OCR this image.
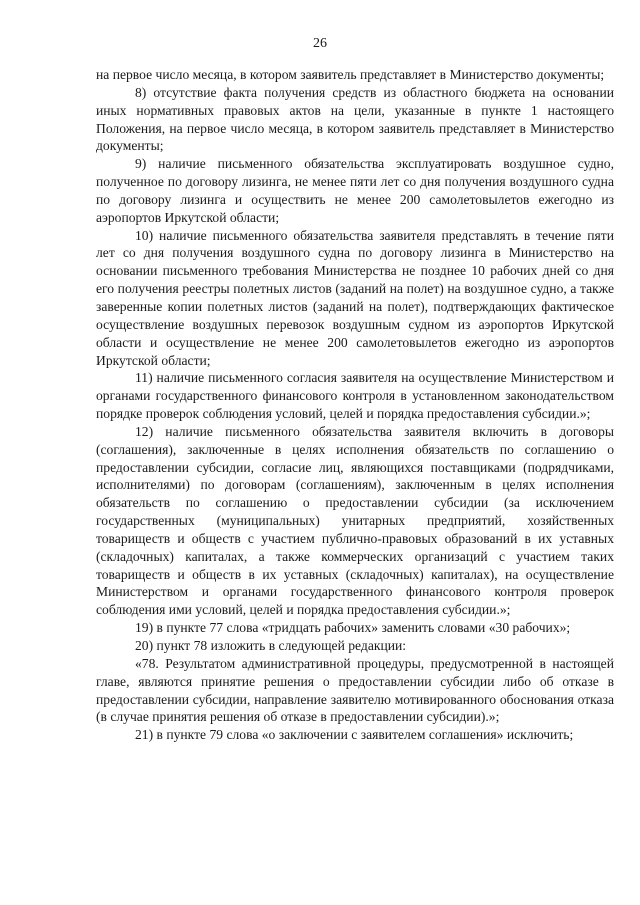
26

на первое число месяца, в котором заявитель представляет в Министерство документы;

8) отсутствие факта получения средств из областного бюджета на основании иных нормативных правовых актов на цели, указанные в пункте 1 настоящего Положения, на первое число месяца, в котором заявитель представляет в Министерство документы;

9) наличие письменного обязательства эксплуатировать воздушное судно, полученное по договору лизинга, не менее пяти лет со дня получения воздушного судна по договору лизинга и осуществить не менее 200 самолетовылетов ежегодно из аэропортов Иркутской области;

10) наличие письменного обязательства заявителя представлять в течение пяти лет со дня получения воздушного судна по договору лизинга в Министерство на основании письменного требования Министерства не позднее 10 рабочих дней со дня его получения реестры полетных листов (заданий на полет) на воздушное судно, а также заверенные копии полетных листов (заданий на полет), подтверждающих фактическое осуществление воздушных перевозок воздушным судном из аэропортов Иркутской области и осуществление не менее 200 самолетовылетов ежегодно из аэропортов Иркутской области;

11) наличие письменного согласия заявителя на осуществление Министерством и органами государственного финансового контроля в установленном законодательством порядке проверок соблюдения условий, целей и порядка предоставления субсидии.»;

12) наличие письменного обязательства заявителя включить в договоры (соглашения), заключенные в целях исполнения обязательств по соглашению о предоставлении субсидии, согласие лиц, являющихся поставщиками (подрядчиками, исполнителями) по договорам (соглашениям), заключенным в целях исполнения обязательств по соглашению о предоставлении субсидии (за исключением государственных (муниципальных) унитарных предприятий, хозяйственных товариществ и обществ с участием публично-правовых образований в их уставных (складочных) капиталах, а также коммерческих организаций с участием таких товариществ и обществ в их уставных (складочных) капиталах), на осуществление Министерством и органами государственного финансового контроля проверок соблюдения ими условий, целей и порядка предоставления субсидии.»;

19) в пункте 77 слова «тридцать рабочих» заменить словами «30 рабочих»;

20) пункт 78 изложить в следующей редакции:

«78. Результатом административной процедуры, предусмотренной в настоящей главе, являются принятие решения о предоставлении субсидии либо об отказе в предоставлении субсидии, направление заявителю мотивированного обоснования отказа (в случае принятия решения об отказе в предоставлении субсидии).»;

21) в пункте 79 слова «о заключении с заявителем соглашения» исключить;
